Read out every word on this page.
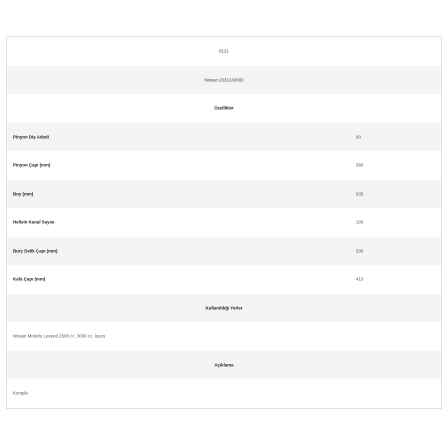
6121
Nissan 2331243000
Özellikler
Pinyon Diş Adedi	90
Pinyon Çapı (mm)	360
Boy (mm)	935
Helisin Kanal Sayısı	100
Burç Delik Çapı (mm)	530
Kafa Çapı (mm)	410
Kullanıldığı Yerler
Nissan Motorlu Levend 2500 cc. 3000 cc. İsuzu
Açıklama
Komple
